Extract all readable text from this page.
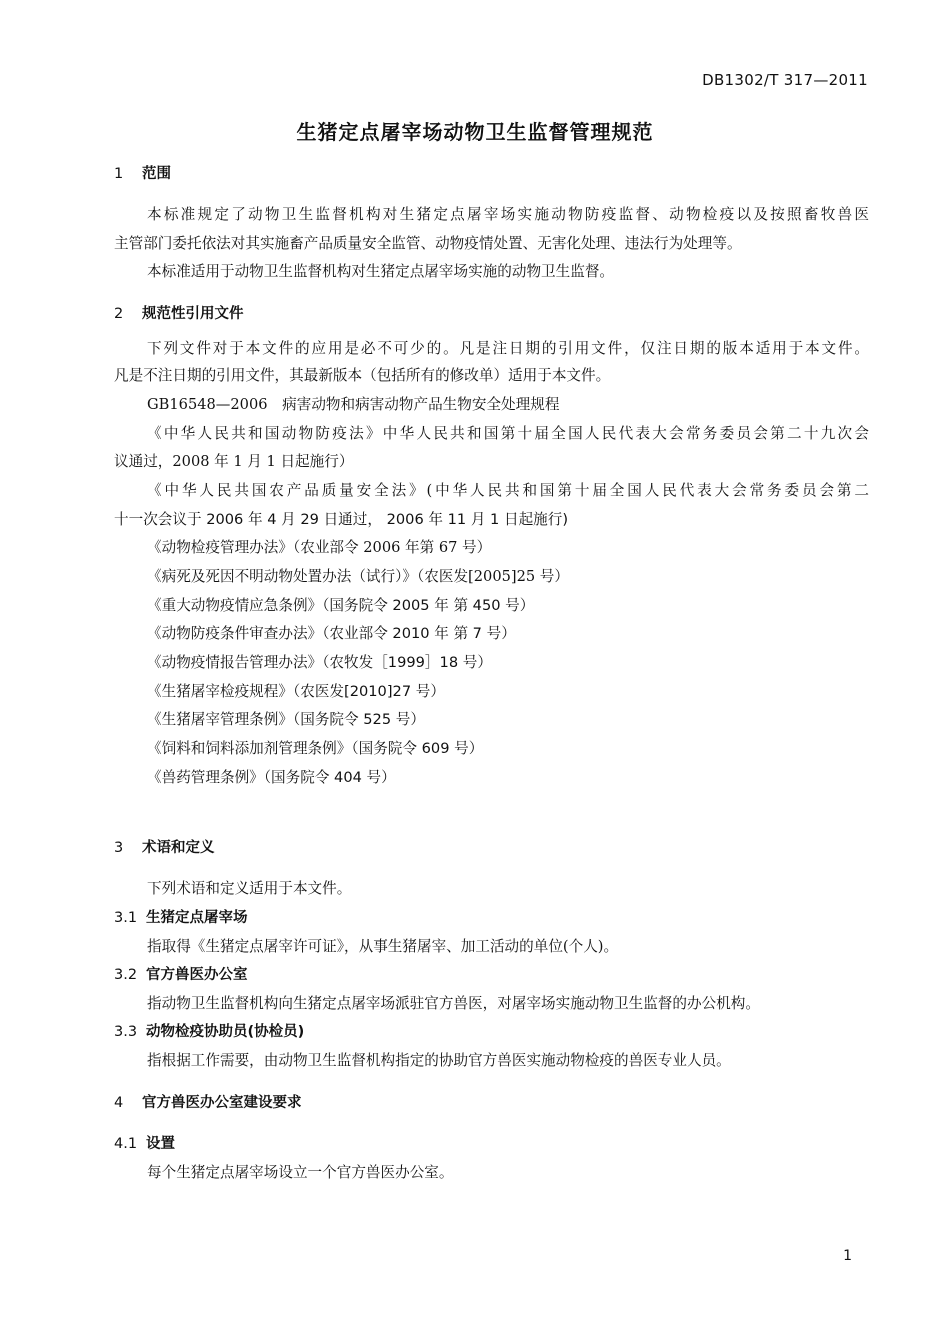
DB1302/T 317—2011
生猪定点屠宰场动物卫生监督管理规范
1 范围
本标准规定了动物卫生监督机构对生猪定点屠宰场实施动物防疫监督、动物检疫以及按照畜牧兽医
主管部门委托依法对其实施畜产品质量安全监管、动物疫情处置、无害化处理、违法行为处理等。
本标准适用于动物卫生监督机构对生猪定点屠宰场实施的动物卫生监督。
2 规范性引用文件
下列文件对于本文件的应用是必不可少的。凡是注日期的引用文件，仅注日期的版本适用于本文件。
凡是不注日期的引用文件，其最新版本（包括所有的修改单）适用于本文件。
GB16548—2006　病害动物和病害动物产品生物安全处理规程
《中华人民共和国动物防疫法》中华人民共和国第十届全国人民代表大会常务委员会第二十九次会
议通过，2008 年 1 月 1 日起施行）
《中华人民共国农产品质量安全法》(中华人民共和国第十届全国人民代表大会常务委员会第二
十一次会议于 2006 年 4 月 29 日通过， 2006 年 11 月 1 日起施行)
《动物检疫管理办法》（农业部令 2006 年第 67 号）
《病死及死因不明动物处置办法（试行）》（农医发[2005]25 号）
《重大动物疫情应急条例》（国务院令 2005 年 第 450 号）
《动物防疫条件审查办法》（农业部令 2010 年 第 7 号）
《动物疫情报告管理办法》（农牧发［1999］18 号）
《生猪屠宰检疫规程》（农医发[2010]27 号）
《生猪屠宰管理条例》（国务院令 525 号）
《饲料和饲料添加剂管理条例》（国务院令 609 号）
《兽药管理条例》（国务院令 404 号）
3 术语和定义
下列术语和定义适用于本文件。
3.1 生猪定点屠宰场
指取得《生猪定点屠宰许可证》，从事生猪屠宰、加工活动的单位(个人)。
3.2 官方兽医办公室
指动物卫生监督机构向生猪定点屠宰场派驻官方兽医，对屠宰场实施动物卫生监督的办公机构。
3.3 动物检疫协助员(协检员)
指根据工作需要，由动物卫生监督机构指定的协助官方兽医实施动物检疫的兽医专业人员。
4 官方兽医办公室建设要求
4.1 设置
每个生猪定点屠宰场设立一个官方兽医办公室。
1
